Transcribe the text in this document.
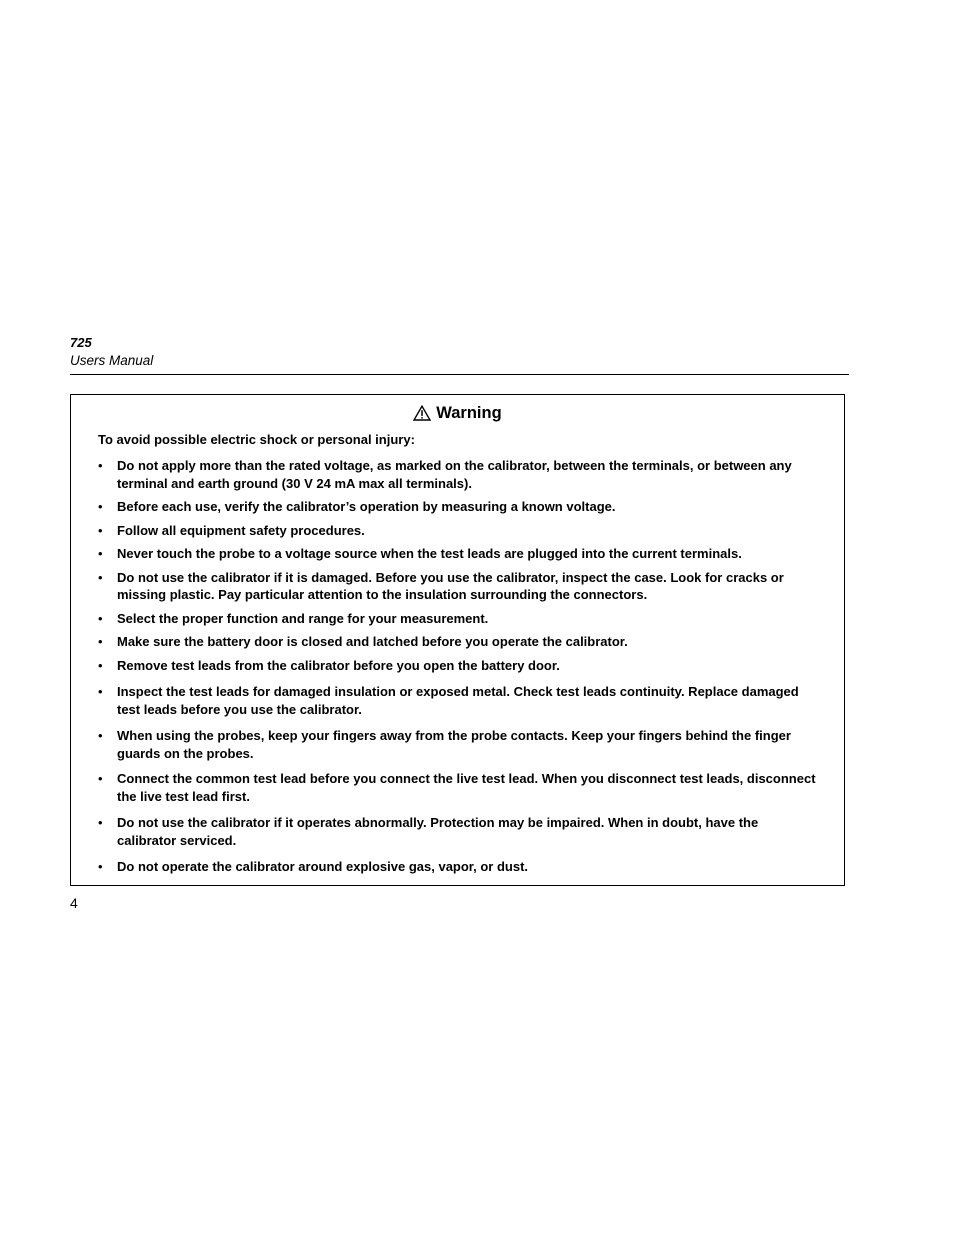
725

Users Manual

Warning

To avoid possible electric shock or personal injury:

• Do not apply more than the rated voltage, as marked on the calibrator, between the terminals, or between any terminal and earth ground (30 V 24 mA max all terminals).
• Before each use, verify the calibrator’s operation by measuring a known voltage.
• Follow all equipment safety procedures.
• Never touch the probe to a voltage source when the test leads are plugged into the current terminals.
• Do not use the calibrator if it is damaged. Before you use the calibrator, inspect the case. Look for cracks or missing plastic. Pay particular attention to the insulation surrounding the connectors.
• Select the proper function and range for your measurement.
• Make sure the battery door is closed and latched before you operate the calibrator.
• Remove test leads from the calibrator before you open the battery door.
• Inspect the test leads for damaged insulation or exposed metal. Check test leads continuity. Replace damaged test leads before you use the calibrator.
• When using the probes, keep your fingers away from the probe contacts. Keep your fingers behind the finger guards on the probes.
• Connect the common test lead before you connect the live test lead. When you disconnect test leads, disconnect the live test lead first.
• Do not use the calibrator if it operates abnormally. Protection may be impaired. When in doubt, have the calibrator serviced.
• Do not operate the calibrator around explosive gas, vapor, or dust.
4
